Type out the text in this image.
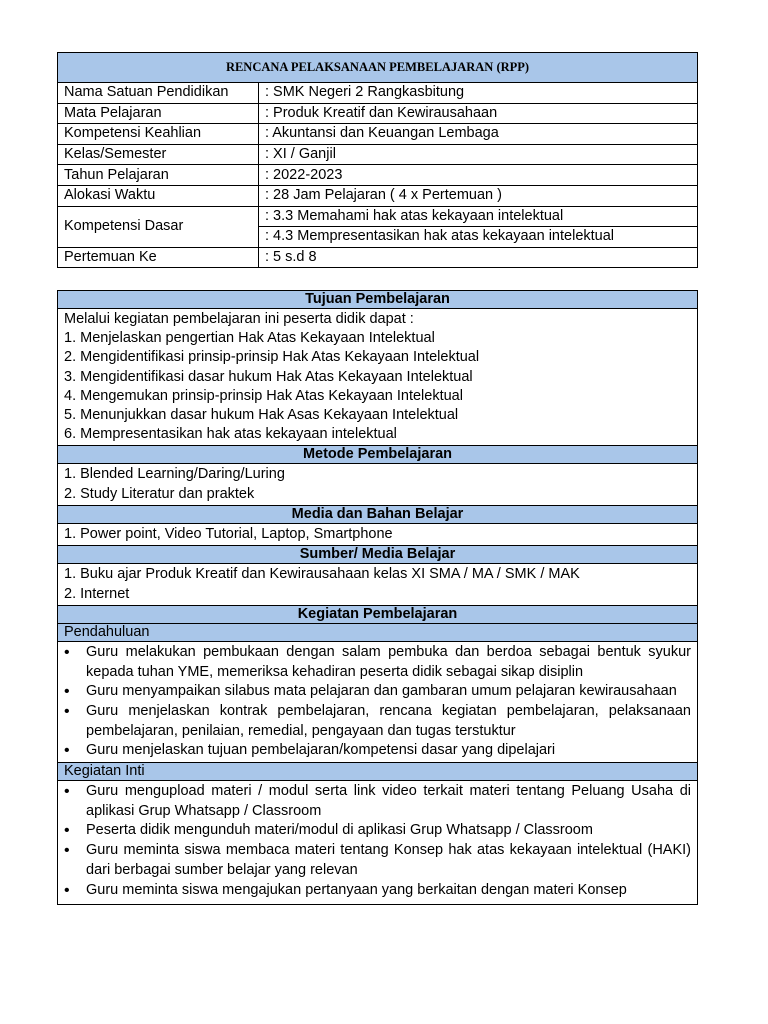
RENCANA PELAKSANAAN PEMBELAJARAN (RPP)	
Nama Satuan Pendidikan	: SMK Negeri 2 Rangkasbitung
Mata Pelajaran	: Produk Kreatif dan Kewirausahaan
Kompetensi Keahlian	: Akuntansi dan Keuangan Lembaga
Kelas/Semester	: XI / Ganjil
Tahun Pelajaran	: 2022-2023
Alokasi Waktu	: 28 Jam Pelajaran ( 4 x Pertemuan )
Kompetensi Dasar	: 3.3 Memahami hak atas kekayaan intelektual
	: 4.3 Mempresentasikan hak atas kekayaan intelektual
Pertemuan Ke	: 5 s.d 8
Tujuan Pembelajaran

Melalui kegiatan pembelajaran ini peserta didik dapat :
1. Menjelaskan pengertian Hak Atas Kekayaan Intelektual
2. Mengidentifikasi prinsip-prinsip Hak Atas Kekayaan Intelektual
3. Mengidentifikasi dasar hukum Hak Atas Kekayaan Intelektual
4. Mengemukan prinsip-prinsip Hak Atas Kekayaan Intelektual
5. Menunjukkan dasar hukum Hak Asas Kekayaan Intelektual
6. Mempresentasikan hak atas kekayaan intelektual

Metode Pembelajaran

1. Blended Learning/Daring/Luring
2. Study Literatur dan praktek

Media dan Bahan Belajar

1. Power point, Video Tutorial, Laptop, Smartphone

Sumber/ Media Belajar

1. Buku ajar Produk Kreatif dan Kewirausahaan kelas XI SMA / MA / SMK / MAK
2. Internet

Kegiatan Pembelajaran
Pendahuluan

• Guru melakukan pembukaan dengan salam pembuka dan berdoa sebagai bentuk syukur kepada tuhan YME, memeriksa kehadiran peserta didik sebagai sikap disiplin
• Guru menyampaikan silabus mata pelajaran dan gambaran umum pelajaran kewirausahaan
• Guru menjelaskan kontrak pembelajaran, rencana kegiatan pembelajaran, pelaksanaan pembelajaran, penilaian, remedial, pengayaan dan tugas terstuktur
• Guru menjelaskan tujuan pembelajaran/kompetensi dasar yang dipelajari

Kegiatan Inti

• Guru mengupload materi / modul serta link video terkait materi tentang Peluang Usaha di aplikasi Grup Whatsapp / Classroom
• Peserta didik mengunduh materi/modul di aplikasi Grup Whatsapp / Classroom
• Guru meminta siswa membaca materi tentang Konsep hak atas kekayaan intelektual (HAKI) dari berbagai sumber belajar yang relevan
• Guru meminta siswa mengajukan pertanyaan yang berkaitan dengan materi Konsep
